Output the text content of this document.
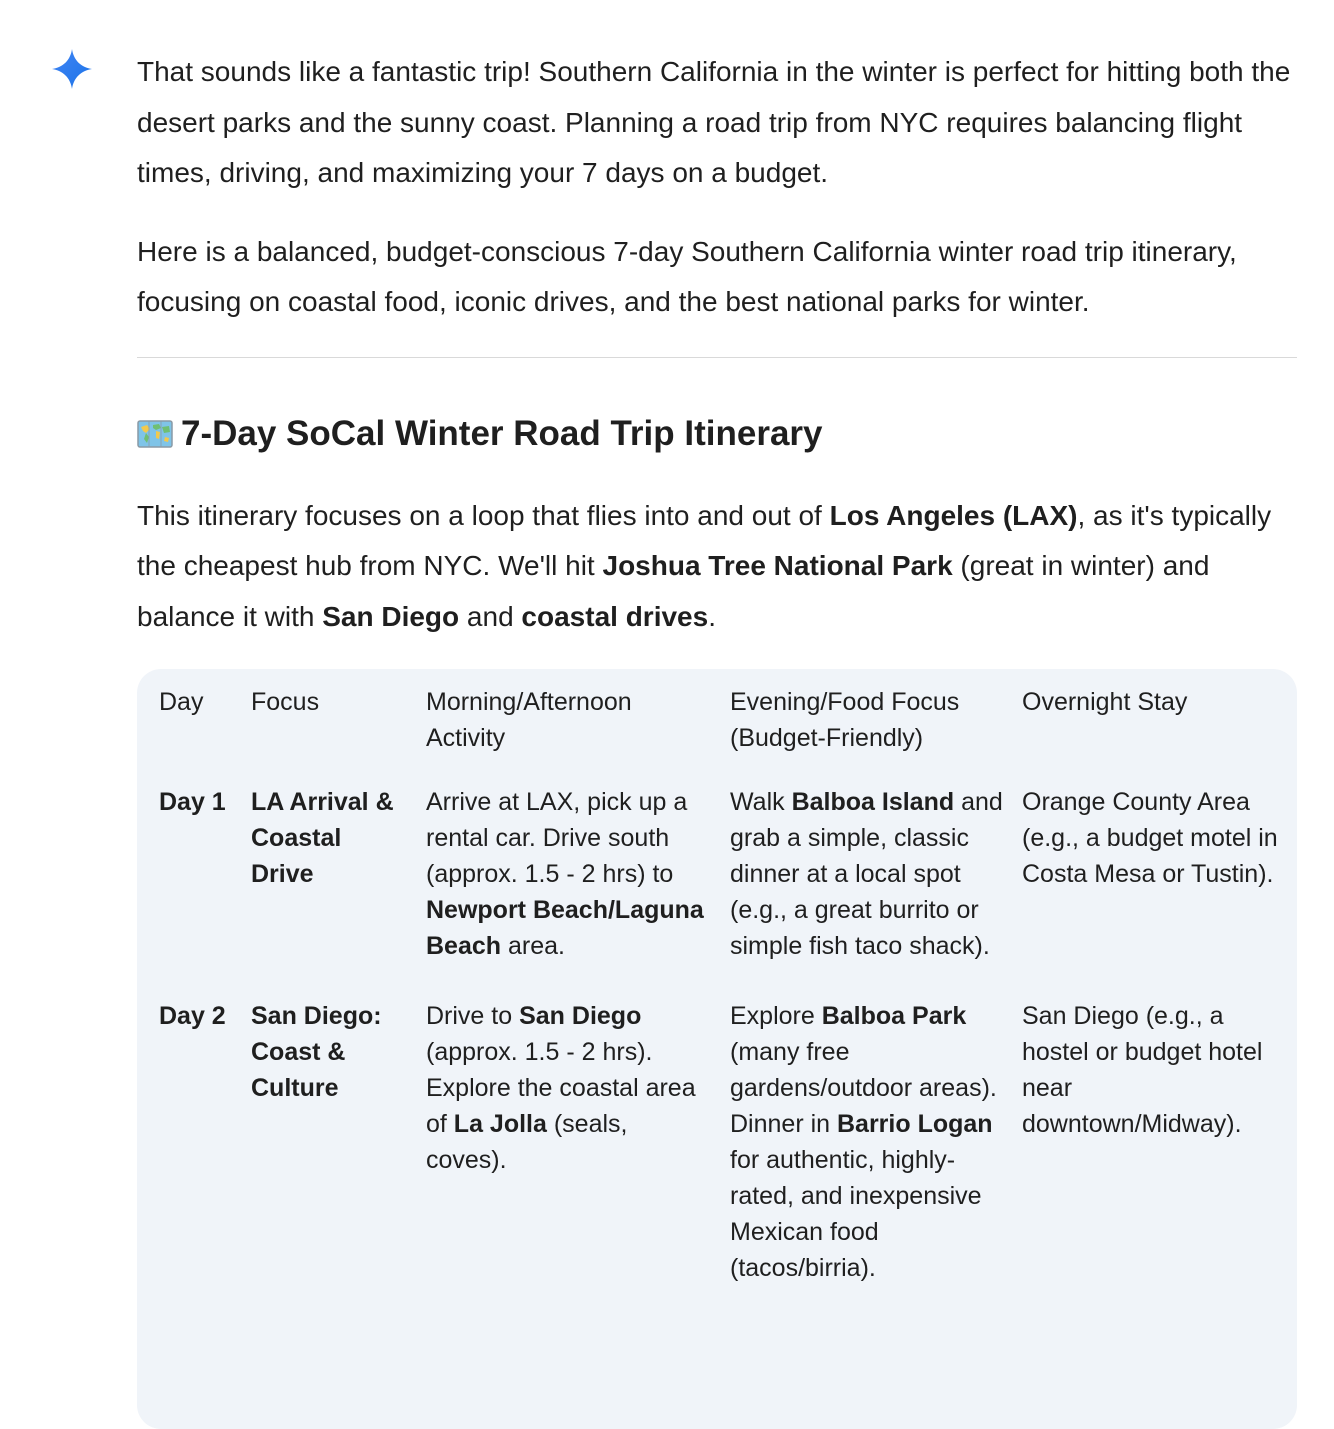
That sounds like a fantastic trip! Southern California in the winter is perfect for hitting both the desert parks and the sunny coast. Planning a road trip from NYC requires balancing flight times, driving, and maximizing your 7 days on a budget.

Here is a balanced, budget-conscious 7-day Southern California winter road trip itinerary, focusing on coastal food, iconic drives, and the best national parks for winter.

7-Day SoCal Winter Road Trip Itinerary

This itinerary focuses on a loop that flies into and out of Los Angeles (LAX), as it's typically the cheapest hub from NYC. We'll hit Joshua Tree National Park (great in winter) and balance it with San Diego and coastal drives.

Day	Focus	Morning/Afternoon Activity	Evening/Food Focus (Budget-Friendly)	Overnight Stay
Day 1	LA Arrival & Coastal Drive	Arrive at LAX, pick up a rental car. Drive south (approx. 1.5 - 2 hrs) to Newport Beach/Laguna Beach area.	Walk Balboa Island and grab a simple, classic dinner at a local spot (e.g., a great burrito or simple fish taco shack).	Orange County Area (e.g., a budget motel in Costa Mesa or Tustin).
Day 2	San Diego: Coast & Culture	Drive to San Diego (approx. 1.5 - 2 hrs). Explore the coastal area of La Jolla (seals, coves).	Explore Balboa Park (many free gardens/outdoor areas). Dinner in Barrio Logan for authentic, highly-rated, and inexpensive Mexican food (tacos/birria).	San Diego (e.g., a hostel or budget hotel near downtown/Midway).
